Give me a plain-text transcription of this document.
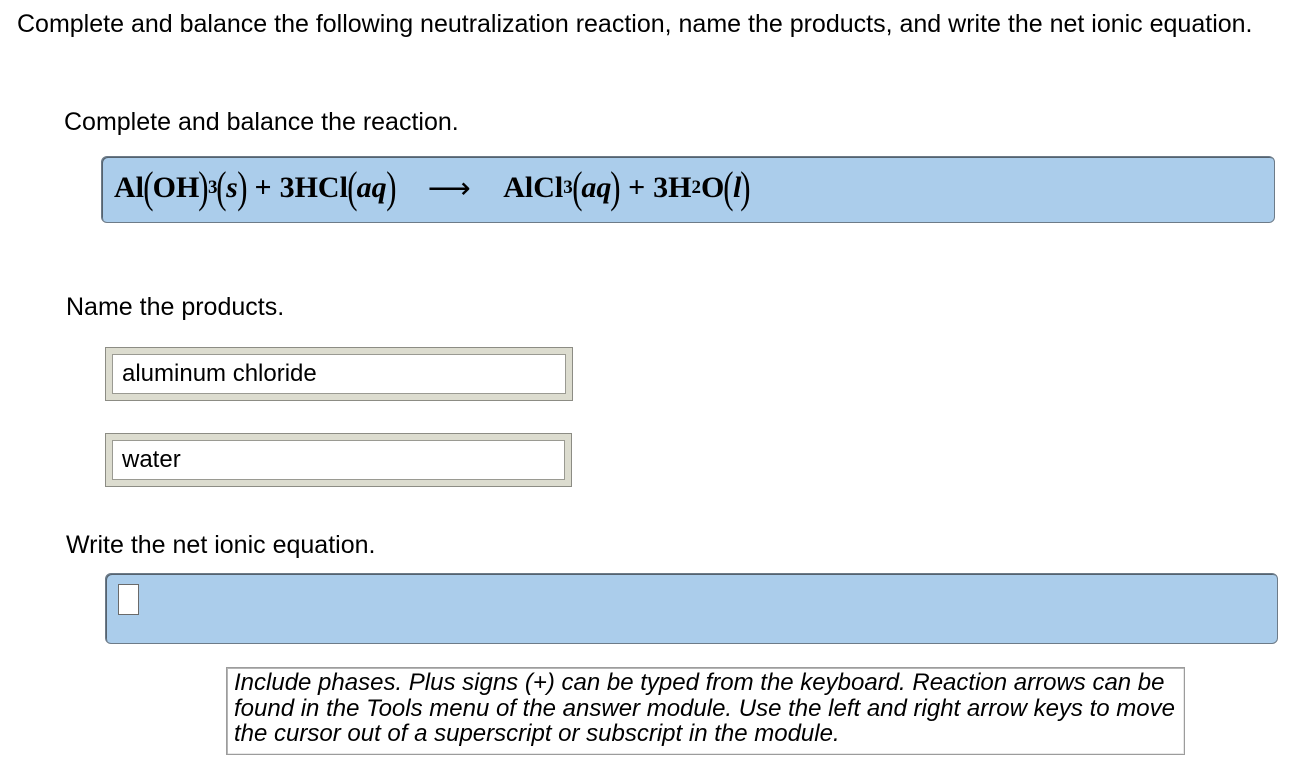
Complete and balance the following neutralization reaction, name the products, and write the net ionic equation.
Complete and balance the reaction.
Al ( OH ) 3 ( s ) + 3HCl ( aq ) ⟶ AlCl 3 ( aq ) + 3H 2 O ( l )
Name the products.
aluminum chloride
water
Write the net ionic equation.

Include phases. Plus signs (+) can be typed from the keyboard. Reaction arrows can be found in the Tools menu of the answer module. Use the left and right arrow keys to move the cursor out of a superscript or subscript in the module.
